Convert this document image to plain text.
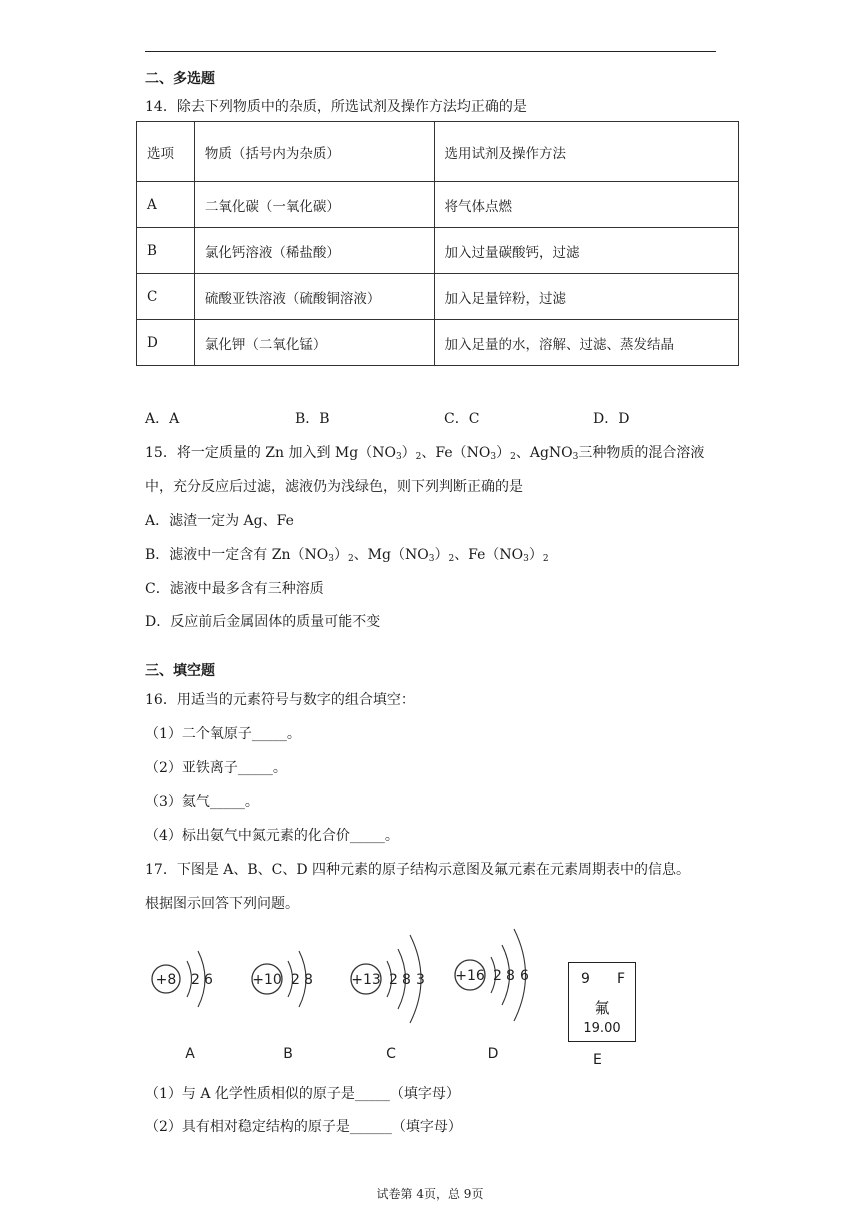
二、多选题
14．除去下列物质中的杂质，所选试剂及操作方法均正确的是
选项	物质（括号内为杂质）	选用试剂及操作方法
A	二氧化碳（一氧化碳）	将气体点燃
B	氯化钙溶液（稀盐酸）	加入过量碳酸钙，过滤
C	硫酸亚铁溶液（硫酸铜溶液）	加入足量锌粉，过滤
D	氯化钾（二氧化锰）	加入足量的水，溶解、过滤、蒸发结晶
A．A	B．B	C．C	D．D
15．将一定质量的 Zn 加入到 $Mg(NO_3)_2$、$Fe(NO_3)_2$、AgNO$_3$三种物质的混合溶液
中，充分反应后过滤，滤液仍为浅绿色，则下列判断正确的是
A．滤渣一定为 Ag、Fe
B．滤液中一定含有 $Zn(NO_3)_2$、$Mg(NO_3)_2$、$Fe(NO_3)_2$
C．滤液中最多含有三种溶质
D．反应前后金属固体的质量可能不变
三、填空题
16．用适当的元素符号与数字的组合填空：
（1）二个氧原子_____。
（2）亚铁离子_____。
（3）氦气_____。
（4）标出氨气中氮元素的化合价_____。
17．下图是 A、B、C、D 四种元素的原子结构示意图及氟元素在元素周期表中的信息。
根据图示回答下列问题。
+8 2 6
A
+10 2 8
B
+13 2 8 3
C
+16 2 8 6
D
9 F
氟
19.00
E
（1）与 A 化学性质相似的原子是_____（填字母）
（2）具有相对稳定结构的原子是______（填字母）
试卷第 4页，总 9页
